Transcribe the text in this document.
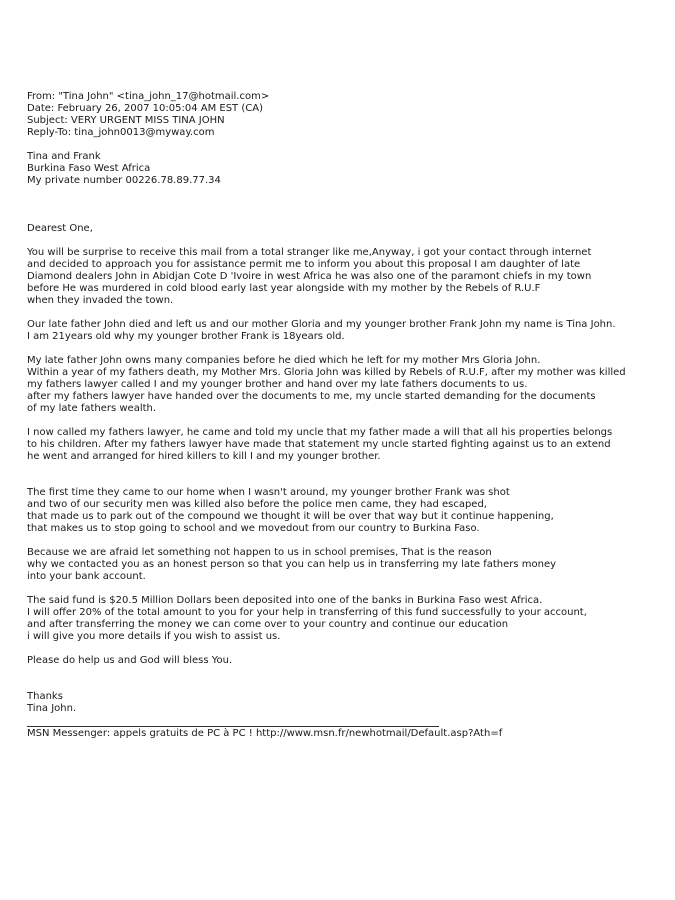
From: "Tina John" <tina_john_17@hotmail.com>
Date: February 26, 2007 10:05:04 AM EST (CA)
Subject: VERY URGENT MISS TINA JOHN
Reply-To: tina_john0013@myway.com
Tina and Frank
Burkina Faso West Africa
My private number 00226.78.89.77.34
Dearest One,
You will be surprise to receive this mail from a total stranger like me,Anyway, i got your contact through internet
and decided to approach you for assistance permit me to inform you about this proposal I am daughter of late
Diamond dealers John in Abidjan Cote D 'Ivoire in west Africa he was also one of the paramont chiefs in my town
before He was murdered in cold blood early last year alongside with my mother by the Rebels of R.U.F
when they invaded the town.
Our late father John died and left us and our mother Gloria and my younger brother Frank John my name is Tina John.
I am 21years old why my younger brother Frank is 18years old.
My late father John owns many companies before he died which he left for my mother Mrs Gloria John.
Within a year of my fathers death, my Mother Mrs. Gloria John was killed by Rebels of R.U.F, after my mother was killed
my fathers lawyer called I and my younger brother and hand over my late fathers documents to us.
after my fathers lawyer have handed over the documents to me, my uncle started demanding for the documents
of my late fathers wealth.
I now called my fathers lawyer, he came and told my uncle that my father made a will that all his properties belongs
to his children. After my fathers lawyer have made that statement my uncle started fighting against us to an extend
he went and arranged for hired killers to kill I and my younger brother.
The first time they came to our home when I wasn't around, my younger brother Frank was shot
and two of our security men was killed also before the police men came, they had escaped,
that made us to park out of the compound we thought it will be over that way but it continue happening,
that makes us to stop going to school and we movedout from our country to Burkina Faso.
Because we are afraid let something not happen to us in school premises, That is the reason
why we contacted you as an honest person so that you can help us in transferring my late fathers money
into your bank account.
The said fund is $20.5 Million Dollars been deposited into one of the banks in Burkina Faso west Africa.
I will offer 20% of the total amount to you for your help in transferring of this fund successfully to your account,
and after transferring the money we can come over to your country and continue our education
i will give you more details if you wish to assist us.
Please do help us and God will bless You.
Thanks
Tina John.
MSN Messenger: appels gratuits de PC à PC ! http://www.msn.fr/newhotmail/Default.asp?Ath=f
